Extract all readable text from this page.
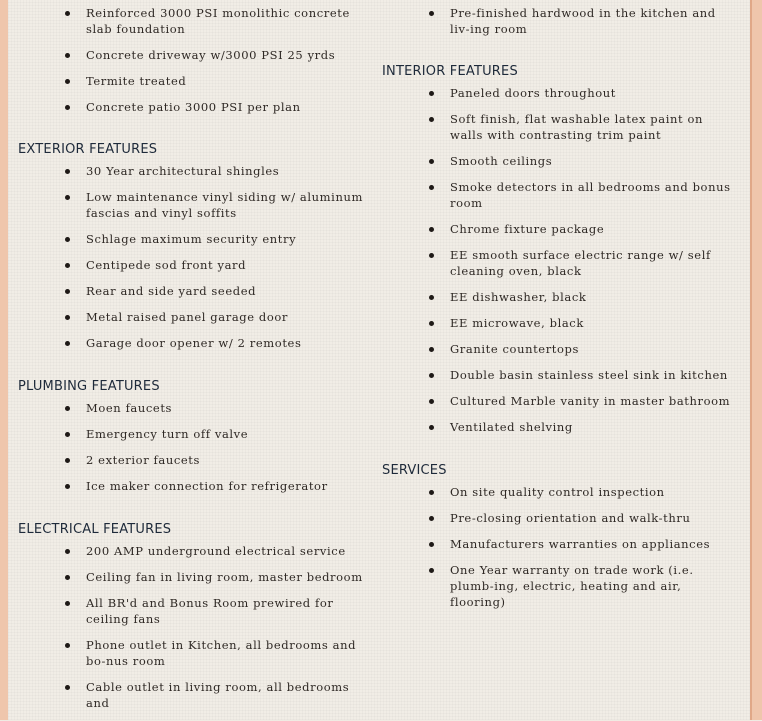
Reinforced 3000 PSI monolithic concrete slab foundation
Concrete driveway w/3000 PSI 25 yrds
Termite treated
Concrete patio 3000 PSI per plan
EXTERIOR FEATURES
30 Year architectural shingles
Low maintenance vinyl siding w/ aluminum fascias and vinyl soffits
Schlage maximum security entry
Centipede sod front yard
Rear and side yard seeded
Metal raised panel garage door
Garage door opener w/ 2 remotes
PLUMBING FEATURES
Moen faucets
Emergency turn off valve
2 exterior faucets
Ice maker connection for refrigerator
ELECTRICAL FEATURES
200 AMP underground electrical service
Ceiling fan in living room, master bedroom
All BR'd and Bonus Room prewired for ceiling fans
Phone outlet in Kitchen, all bedrooms and bo-nus room
Cable outlet in living room, all bedrooms and
Pre-finished hardwood in the kitchen and liv-ing room
INTERIOR FEATURES
Paneled doors throughout
Soft finish, flat washable latex paint on walls with contrasting trim paint
Smooth ceilings
Smoke detectors in all bedrooms and bonus room
Chrome fixture package
EE smooth surface electric range w/ self cleaning oven, black
EE dishwasher, black
EE microwave, black
Granite countertops
Double basin stainless steel sink in kitchen
Cultured Marble vanity in master bathroom
Ventilated shelving
SERVICES
On site quality control inspection
Pre-closing orientation and walk-thru
Manufacturers warranties on appliances
One Year warranty on trade work (i.e. plumb-ing, electric, heating and air, flooring)
